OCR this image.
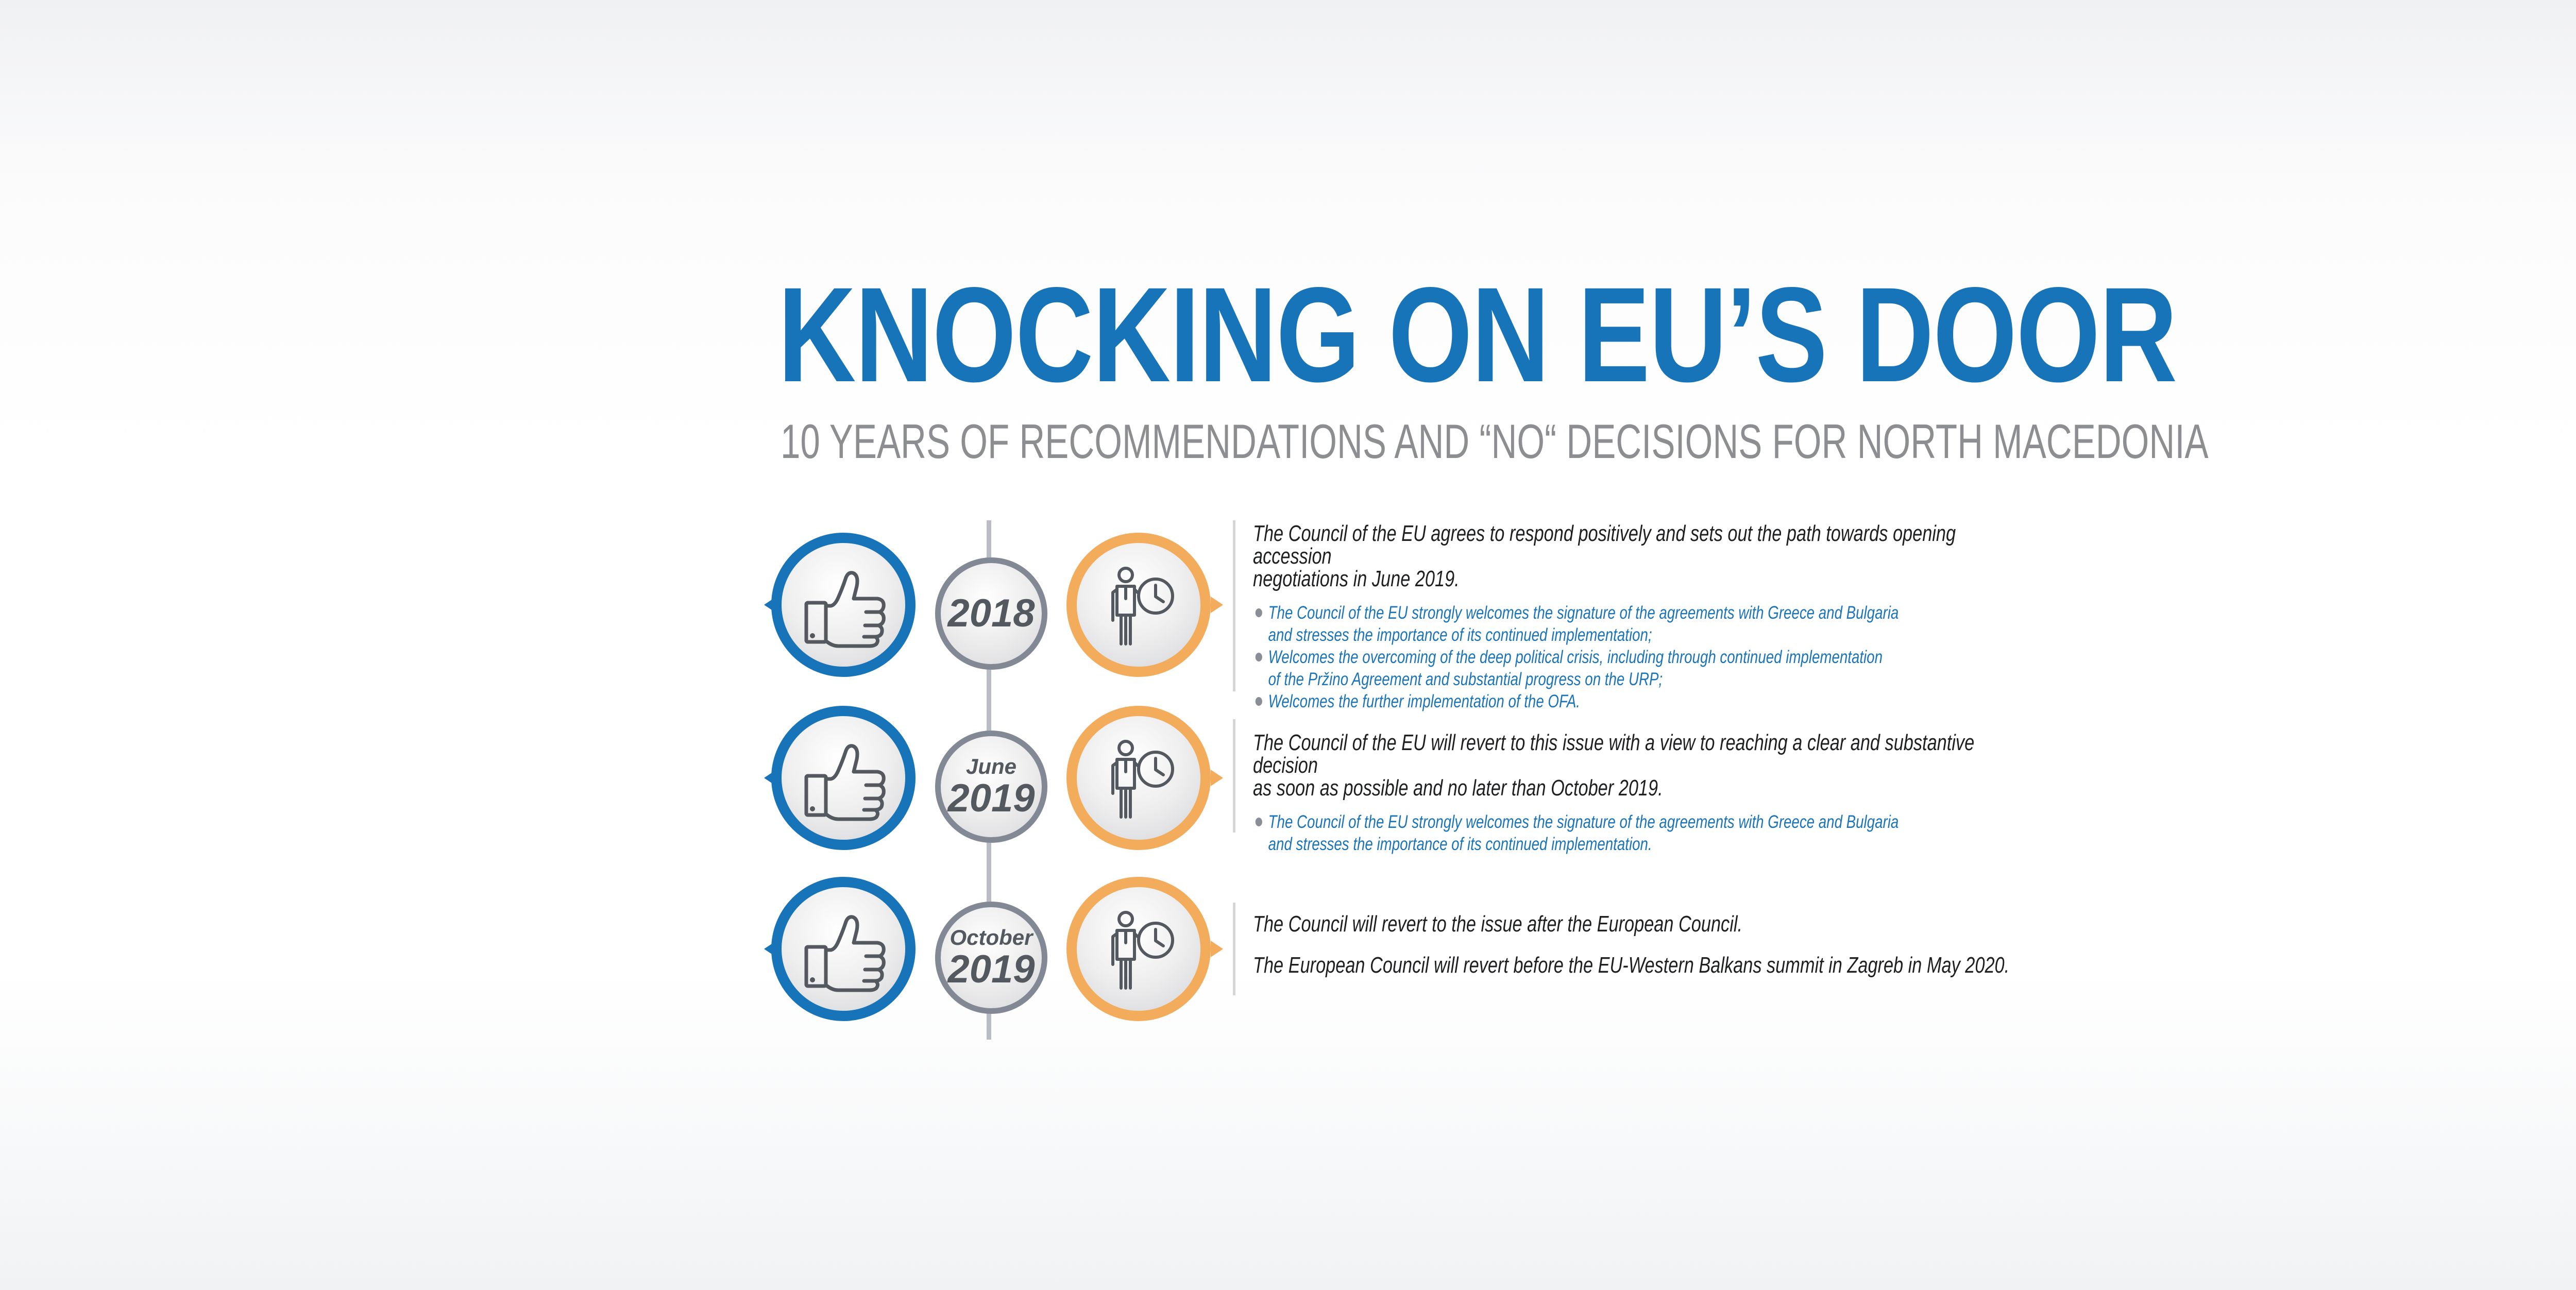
KNOCKING ON EU’S DOOR
10 YEARS OF RECOMMENDATIONS AND “NO“ DECISIONS FOR NORTH MACEDONIA
2018

The Council of the EU agrees to respond positively and sets out the path towards opening accession
negotiations in June 2019.

The Council of the EU strongly welcomes the signature of the agreements with Greece and Bulgaria
and stresses the importance of its continued implementation;
Welcomes the overcoming of the deep political crisis, including through continued implementation
of the Pržino Agreement and substantial progress on the URP;
Welcomes the further implementation of the OFA.
June
2019

The Council of the EU will revert to this issue with a view to reaching a clear and substantive decision
as soon as possible and no later than October 2019.

The Council of the EU strongly welcomes the signature of the agreements with Greece and Bulgaria
and stresses the importance of its continued implementation.
October
2019

The Council will revert to the issue after the European Council.

The European Council will revert before the EU-Western Balkans summit in Zagreb in May 2020.
